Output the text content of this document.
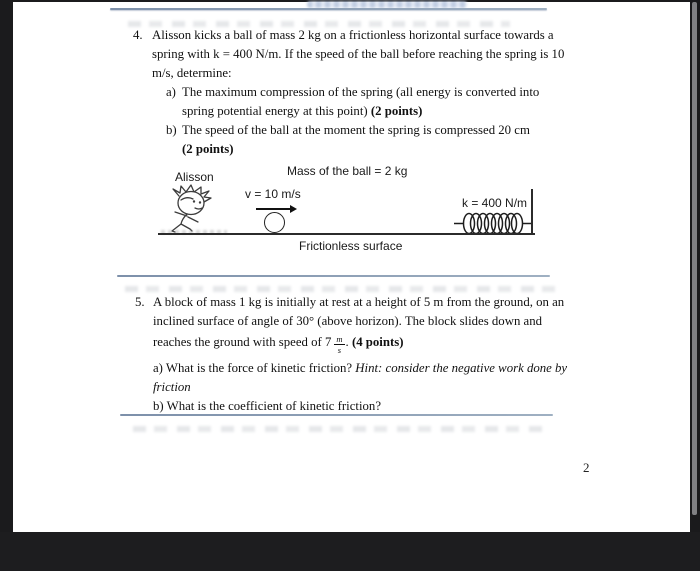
4. Alisson kicks a ball of mass 2 kg on a frictionless horizontal surface towards a
spring with k = 400 N/m. If the speed of the ball before reaching the spring is 10
m/s, determine:
a) The maximum compression of the spring (all energy is converted into
spring potential energy at this point) (2 points)
b) The speed of the ball at the moment the spring is compressed 20 cm
(2 points)
Alisson	Mass of the ball = 2 kg
v = 10 m/s
k = 400 N/m
Frictionless surface
5. A block of mass 1 kg is initially at rest at a height of 5 m from the ground, on an
inclined surface of angle of 30° (above horizon). The block slides down and
reaches the ground with speed of $7 \frac{m}{s}$ . (4 points)
a) What is the force of kinetic friction? Hint: consider the negative work done by
friction
b) What is the coefficient of kinetic friction?
2
